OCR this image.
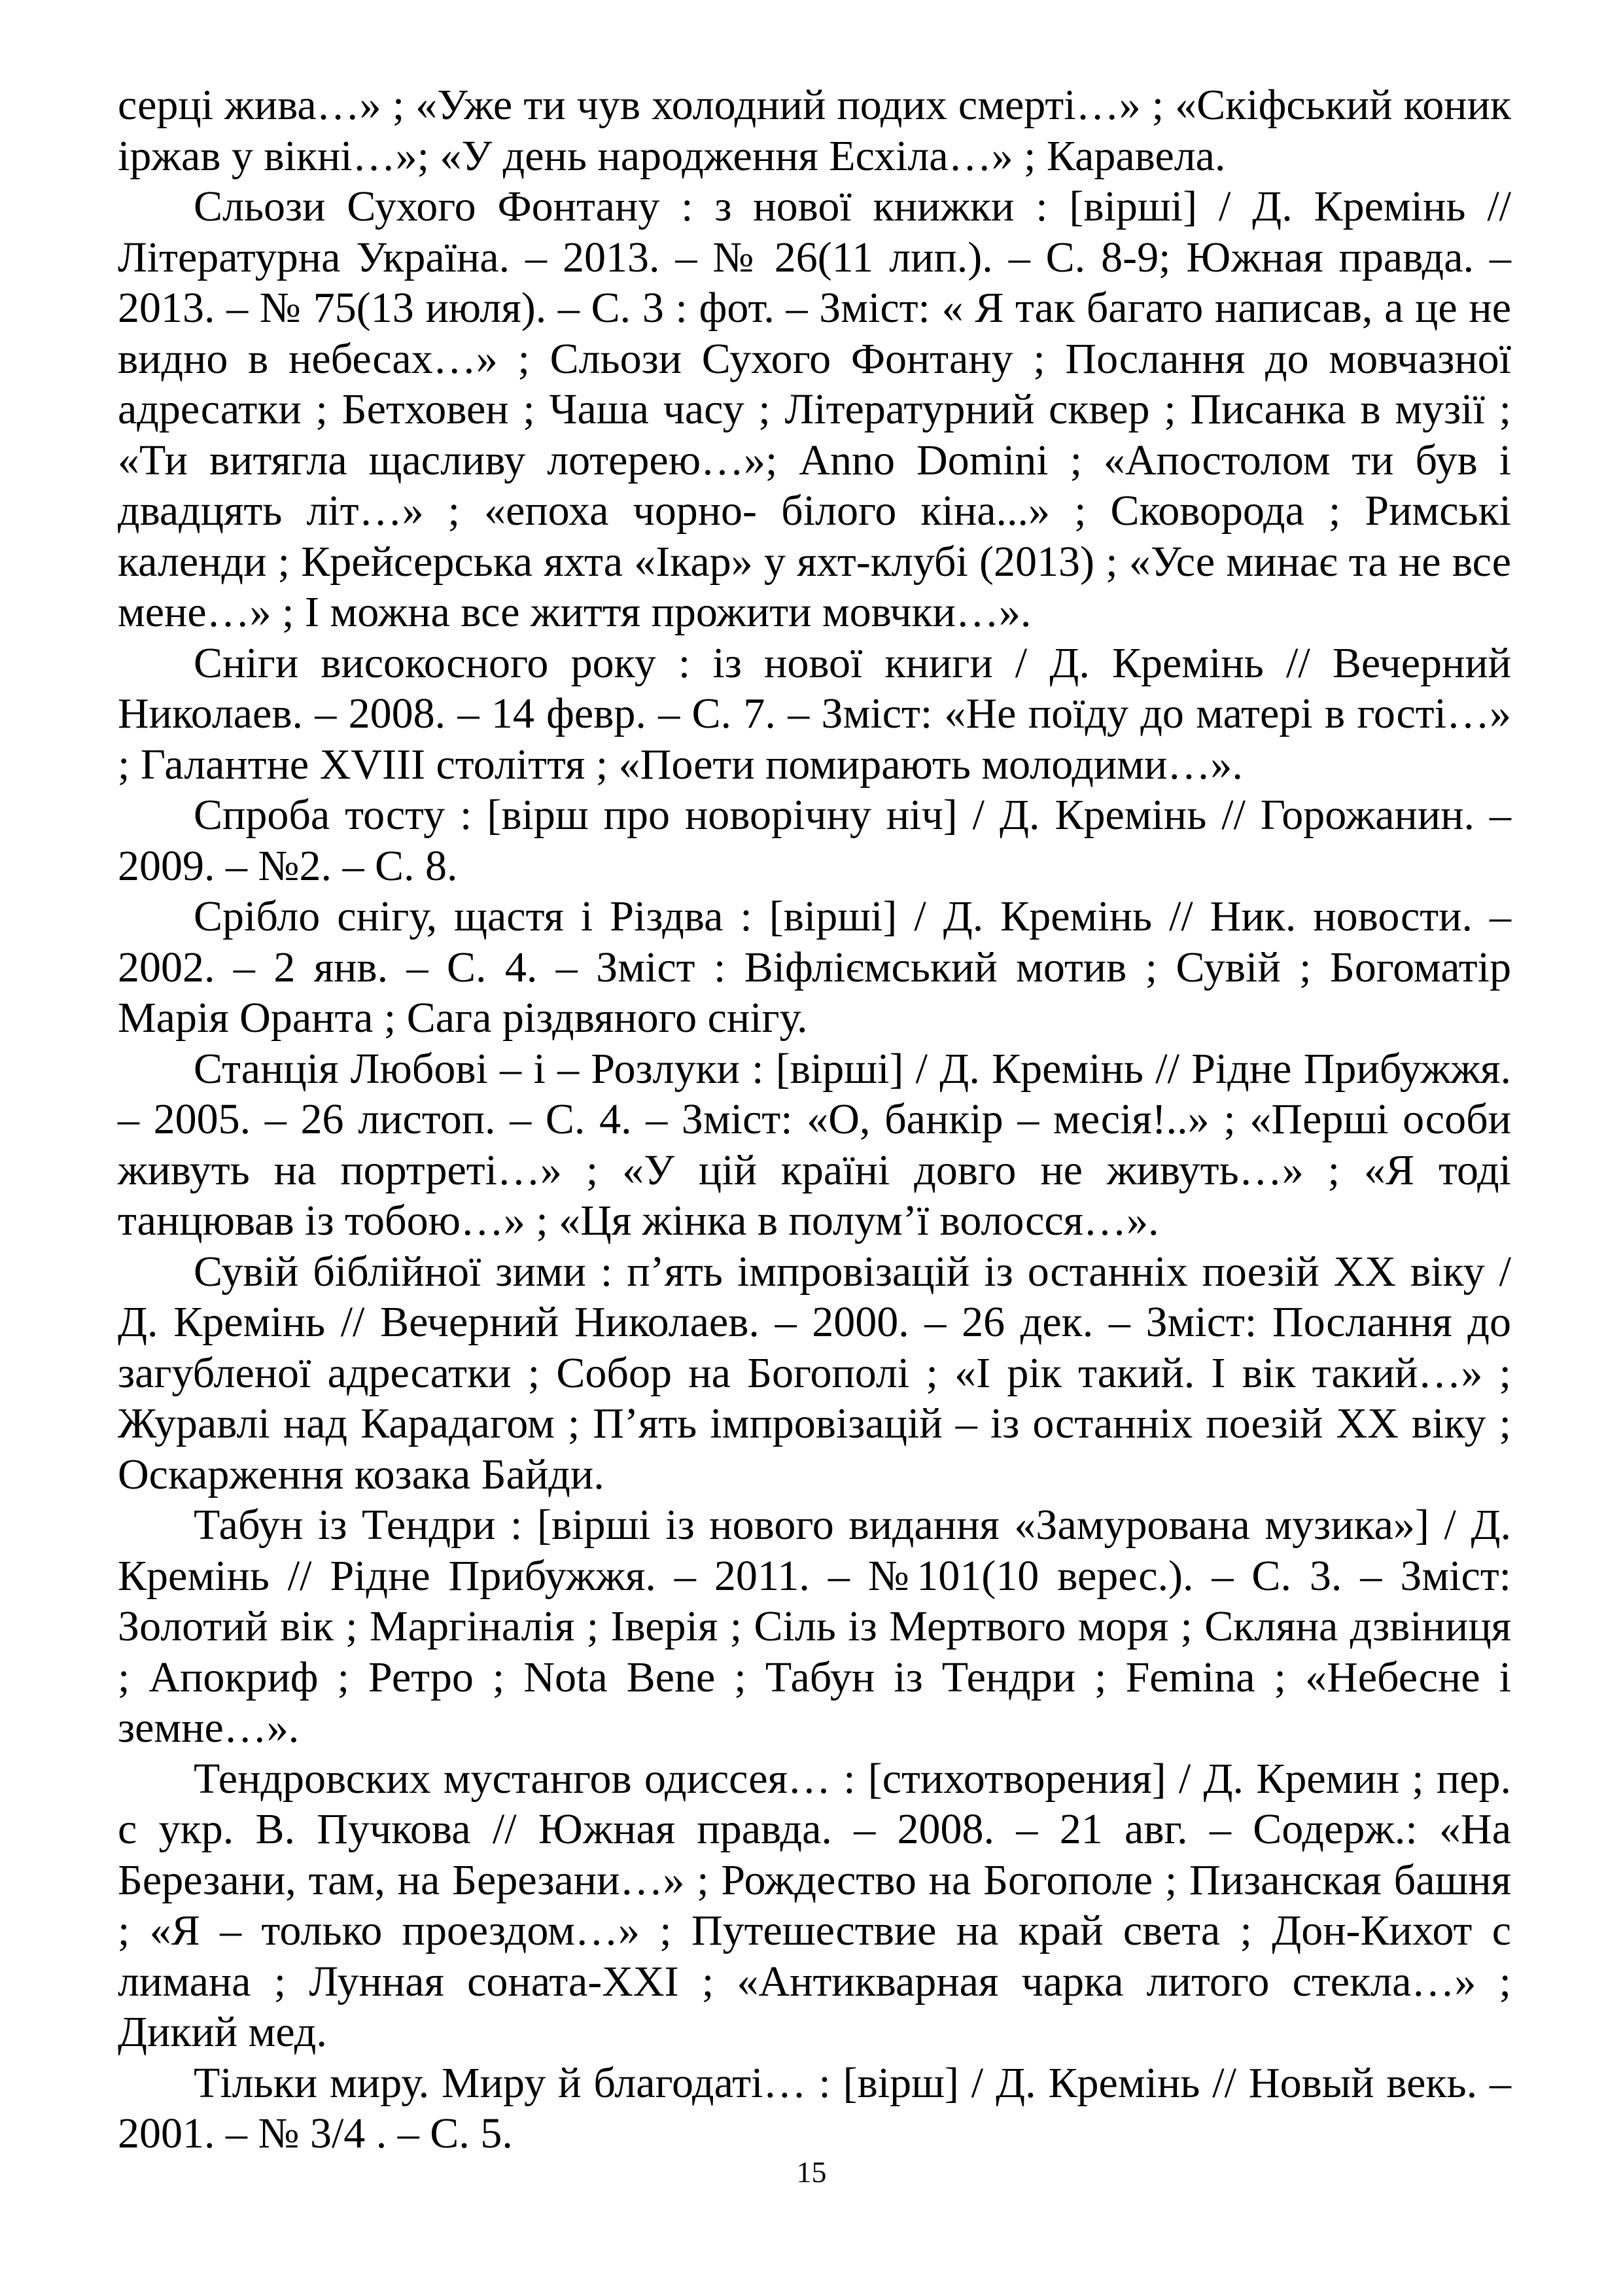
серці жива…» ; «Уже ти чув холодний подих смерті…» ; «Скіфський коник іржав у вікні…»; «У день народження Есхіла…» ; Каравела.

Сльози Сухого Фонтану : з нової книжки : [вірші] / Д. Кремінь // Літературна Україна. – 2013. – № 26(11 лип.). – С. 8-9; Южная правда. – 2013. – № 75(13 июля). – С. 3 : фот. – Зміст: « Я так багато написав, а це не видно в небесах…» ; Сльози Сухого Фонтану ; Послання до мовчазної адресатки ; Бетховен ; Чаша часу ; Літературний сквер ; Писанка в музії ; «Ти витягла щасливу лотерею…»; Anno Domini ; «Апостолом ти був і двадцять літ…» ; «епоха чорно- білого кіна...» ; Сковорода ; Римські календи ; Крейсерська яхта «Ікар» у яхт-клубі (2013) ; «Усе минає та не все мене…» ; І можна все життя прожити мовчки…».

Сніги високосного року : із нової книги / Д. Кремінь // Вечерний Николаев. – 2008. – 14 февр. – С. 7. – Зміст: «Не поїду до матері в гості…» ; Галантне XVIII століття ; «Поети помирають молодими…».

Спроба тосту : [вірш про новорічну ніч] / Д. Кремінь // Горожанин. – 2009. – №2. – С. 8.

Срібло снігу, щастя і Різдва : [вірші] / Д. Кремінь // Ник. новости. – 2002. – 2 янв. – С. 4. – Зміст : Віфліємський мотив ; Сувій ; Богоматір Марія Оранта ; Сага різдвяного снігу.

Станція Любові – і – Розлуки : [вірші] / Д. Кремінь // Рідне Прибужжя. – 2005. – 26 листоп. – С. 4. – Зміст: «О, банкір – месія!..» ; «Перші особи живуть на портреті…» ; «У цій країні довго не живуть…» ; «Я тоді танцював із тобою…» ; «Ця жінка в полум’ї волосся…».

Сувій біблійної зими : п’ять імпровізацій із останніх поезій XX віку / Д. Кремінь // Вечерний Николаев. – 2000. – 26 дек. – Зміст: Послання до загубленої адресатки ; Собор на Богополі ; «І рік такий. І вік такий…» ; Журавлі над Карадагом ; П’ять імпровізацій – із останніх поезій XX віку ; Оскарження козака Байди.

Табун із Тендри : [вірші із нового видання «Замурована музика»] / Д. Кремінь // Рідне Прибужжя. – 2011. – №101(10 верес.). – С. 3. – Зміст: Золотий вік ; Маргіналія ; Іверія ; Сіль із Мертвого моря ; Скляна дзвіниця ; Апокриф ; Ретро ; Nota Bene ; Табун із Тендри ; Femina ; «Небесне і земне…».

Тендровских мустангов одиссея… : [стихотворения] / Д. Кремин ; пер. с укр. В. Пучкова // Южная правда. – 2008. – 21 авг. – Содерж.: «На Березани, там, на Березани…» ; Рождество на Богополе ; Пизанская башня ; «Я – только проездом…» ; Путешествие на край света ; Дон-Кихот с лимана ; Лунная соната-XXI ; «Антикварная чарка литого стекла…» ; Дикий мед.

Тільки миру. Миру й благодаті… : [вірш] / Д. Кремінь // Новый векь. – 2001. – № 3/4 . – С. 5.

15
